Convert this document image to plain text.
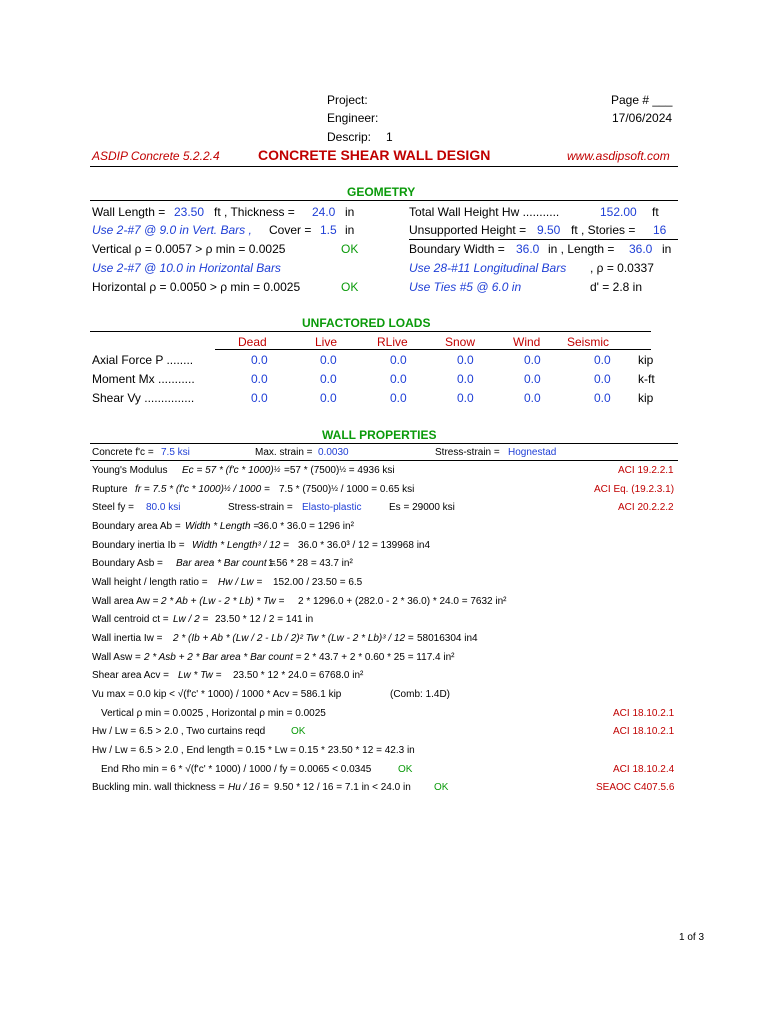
Project:
Engineer:
Descrip: 1
Page # ___
17/06/2024
ASDIP Concrete 5.2.2.4	CONCRETE SHEAR WALL DESIGN	www.asdipsoft.com
GEOMETRY
Wall Length = 23.50 ft , Thickness = 24.0 in
Use 2-#7 @ 9.0 in Vert. Bars , Cover = 1.5 in
Vertical ρ = 0.0057 > ρ min = 0.0025	OK
Use 2-#7 @ 10.0 in Horizontal Bars
Horizontal ρ = 0.0050 > ρ min = 0.0025	OK
Total Wall Height Hw ...........	152.00 ft
Unsupported Height = 9.50 ft , Stories = 16
Boundary Width = 36.0 in , Length = 36.0 in
Use 28-#11 Longitudinal Bars , ρ = 0.0337
Use Ties #5 @ 6.0 in	d' = 2.8 in
UNFACTORED LOADS
Dead	Live	RLive	Snow	Wind Seismic
Axial Force P ........	0.0	0.0	0.0	0.0	0.0	0.0 kip
Moment Mx ...........	0.0	0.0	0.0	0.0	0.0	0.0 k-ft
Shear Vy ...............	0.0	0.0	0.0	0.0	0.0	0.0 kip
WALL PROPERTIES
Concrete f'c = 7.5 ksi	Max. strain = 0.0030	Stress-strain = Hognestad
Young's Modulus $Ec = 57 * (f'c * 1000)^{\frac{1}{2}} =57 * (7500)^{\frac{1}{2}} = 4936$ ksi	ACI 19.2.2.1
Rupture fr = $7.5 * (f'c * 1000)^{\frac{1}{2}} / 1000 = 7.5 * (7500)^{\frac{1}{2}} / 1000 = 0.65$ ksi	ACI Eq. (19.2.3.1)
Steel fy = 80.0 ksi	Stress-strain = Elasto-plastic	Es = 29000 ksi	ACI 20.2.2.2
Boundary area Ab = Width * Length =
36.0 * 36.0 = 1296 in²
Boundary inertia Ib = Width * Length³ / 12 = 36.0 * 36.0³ / 12 = 139968 in4
Boundary Asb = Bar area * Bar count =
1.56 * 28 = 43.7 in²
Wall height / length ratio = Hw / Lw = 152.00 / 23.50 = 6.5
Wall area Aw = 2 * Ab + (Lw - 2 * Lb) * Tw = 2 * 1296.0 + (282.0 - 2 * 36.0) * 24.0 = 7632 in²
Wall centroid ct = Lw / 2 = 23.50 * 12 / 2 = 141 in
Wall inertia Iw = 2 * (Ib + Ab * (Lw / 2 - Lb / 2)² Tw * (Lw - 2 * Lb)³ / 12 = 58016304 in4
Wall Asw = 2 * Asb + 2 * Bar area * Bar count = 2 * 43.7 + 2 * 0.60 * 25 = 117.4 in²
Shear area Acv = Lw * Tw = 23.50 * 12 * 24.0 = 6768.0 in²
Vu max = 0.0 kip < √(f'c' * 1000) / 1000 * Acv = 586.1 kip	(Comb: 1.4D)
Vertical ρ min = 0.0025 , Horizontal ρ min = 0.0025	ACI 18.10.2.1
Hw / Lw = 6.5 > 2.0 , Two curtains reqd	OK	ACI 18.10.2.1
Hw / Lw = 6.5 > 2.0 , End length = 0.15 * Lw = 0.15 * 23.50 * 12 = 42.3 in
End Rho min = 6 * √(f'c' * 1000) / 1000 / fy = 0.0065 < 0.0345	OK	ACI 18.10.2.4
Buckling min. wall thickness = Hu / 16 = 9.50 * 12 / 16 = 7.1 in < 24.0 in OK	SEAOC C407.5.6
1 of 3
